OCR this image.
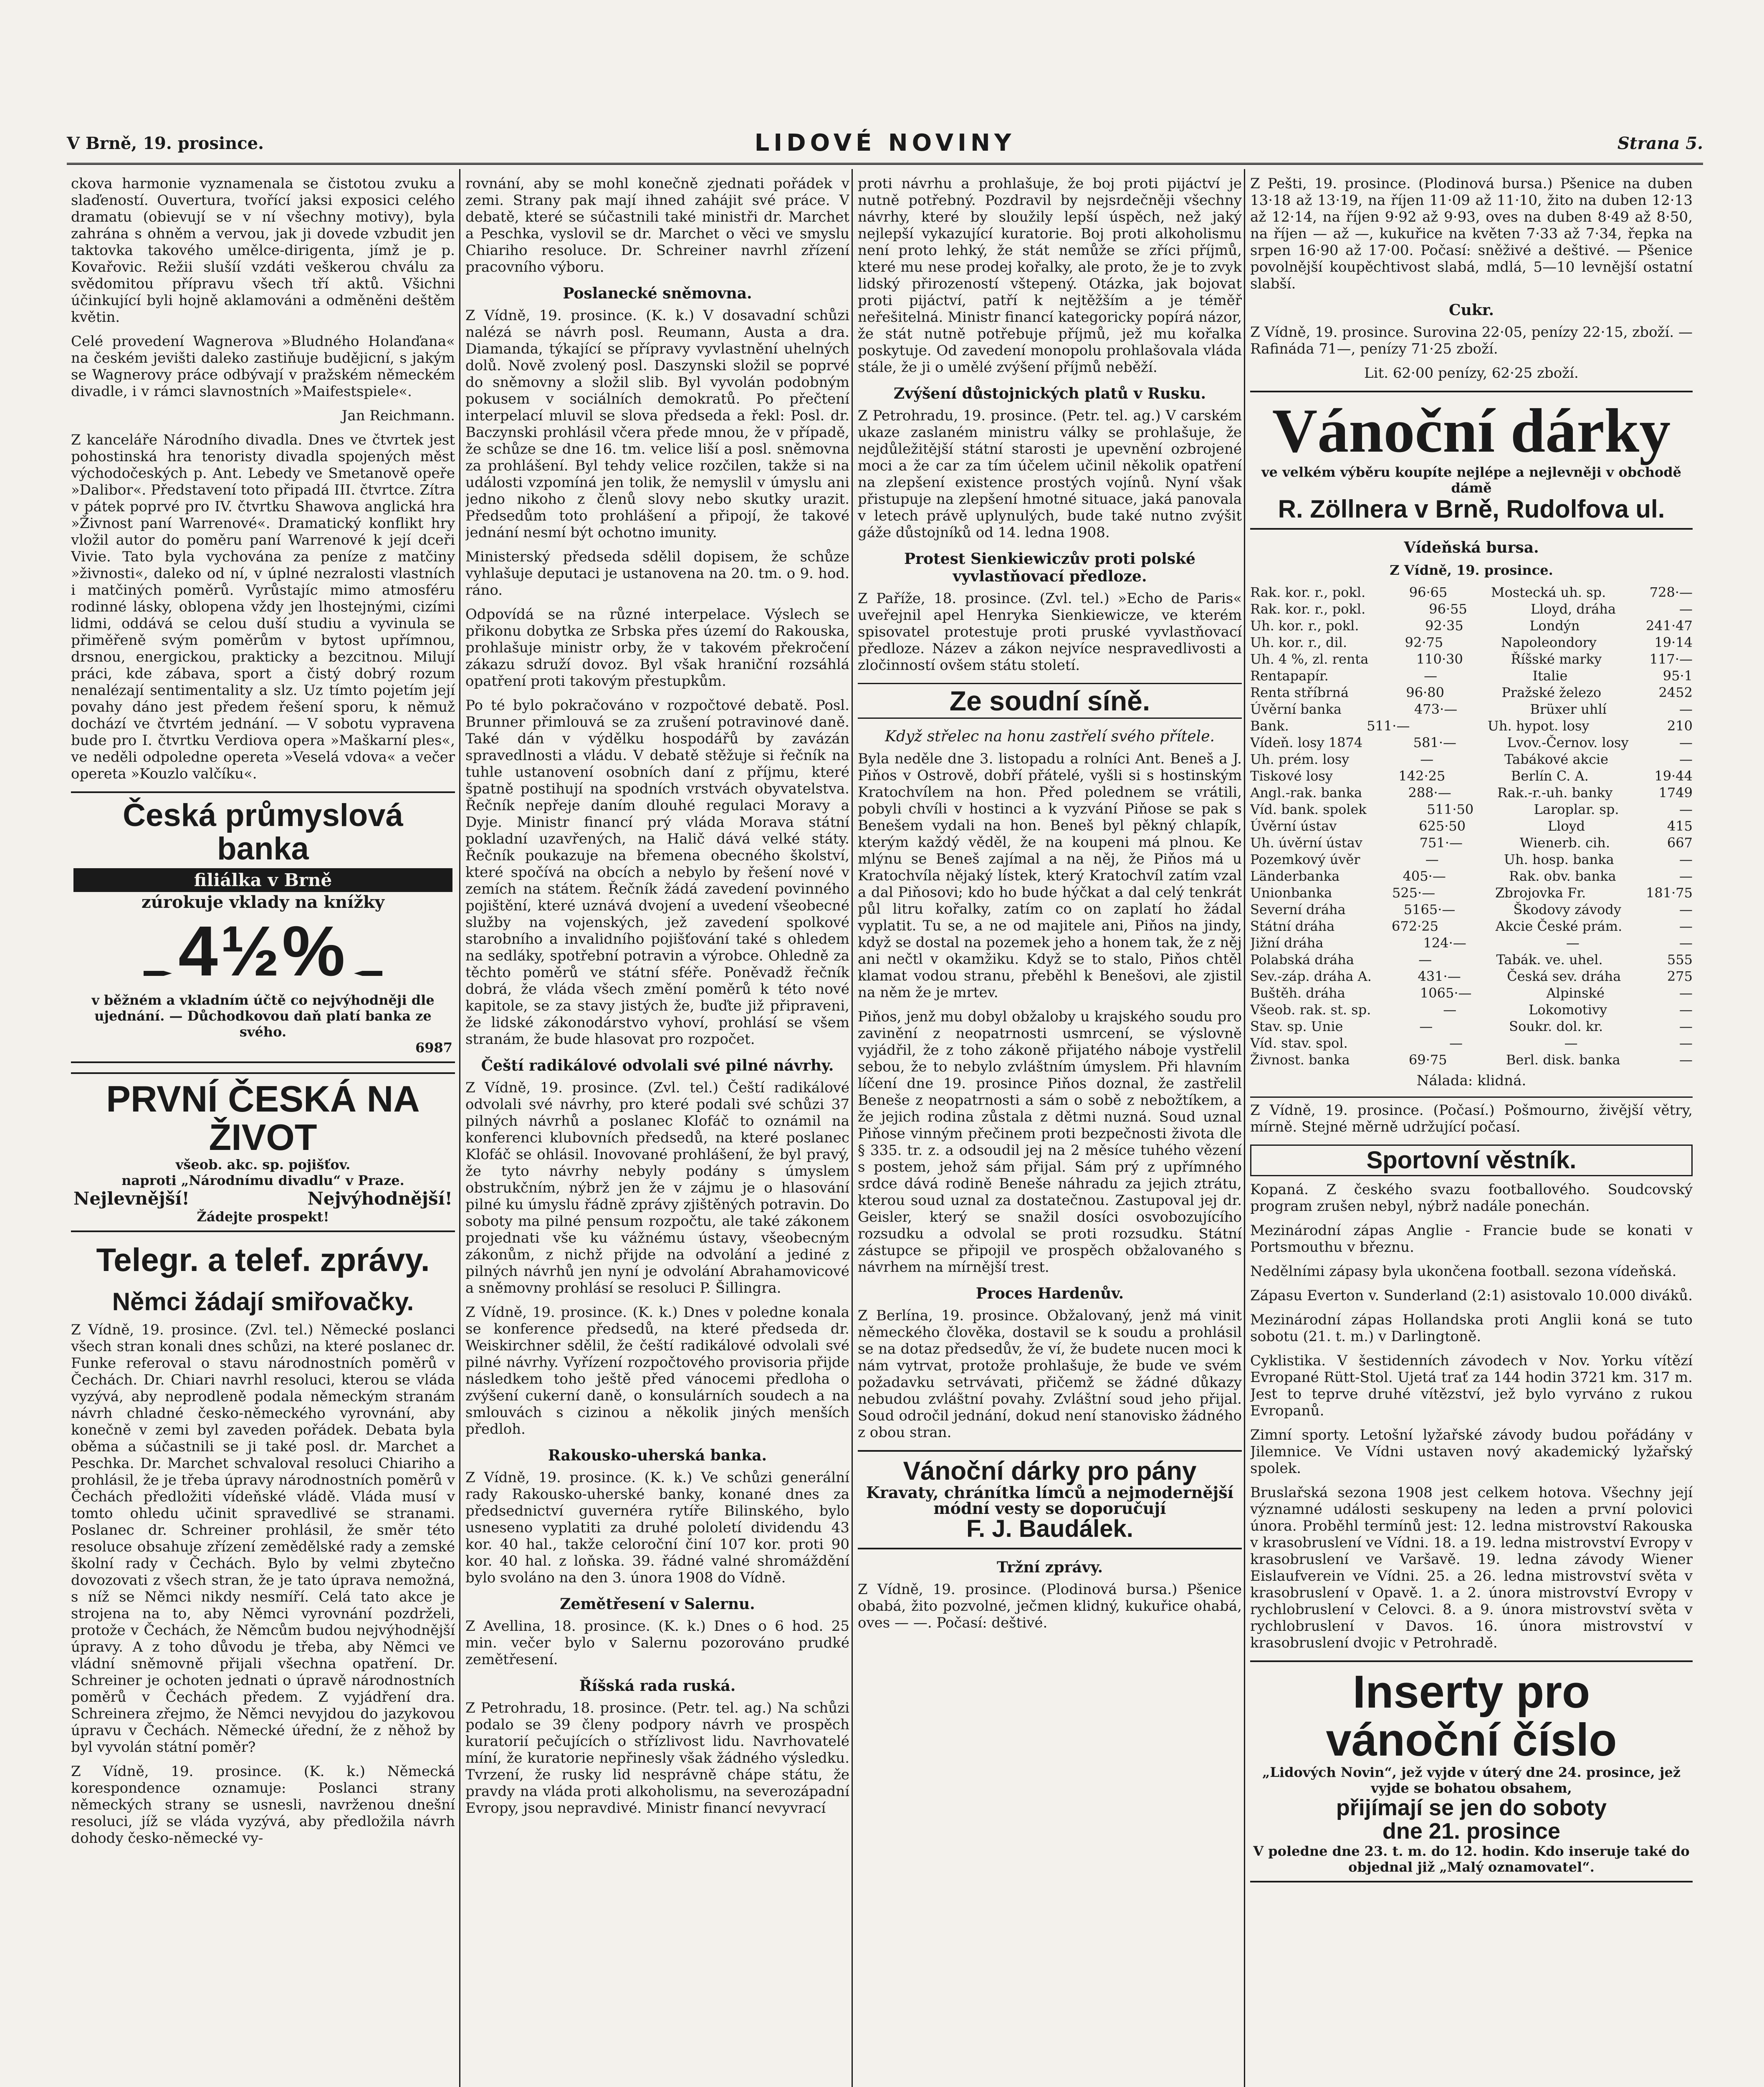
V Brně, 19. prosince.	LIDOVÉ NOVINY	Strana 5.

ckova harmonie vyznamenala se čistotou zvuku a slaďeností. Ouvertura, tvořící jaksi exposici celého dramatu (obievují se v ní všechny motivy), byla zahrána s ohněm a vervou, jak ji dovede vzbudit jen taktovka takového umělce-dirigenta, jímž je p. Kovařovic. Režii slušíí vzdáti veškerou chválu za svědomitou přípravu všech tří aktů. Všichni účinkující byli hojně aklamováni a odměněni deštěm květin.

Celé provedení Wagnerova »Bludného Holanďana« na českém jevišti daleko zastiňuje budějicní, s jakým se Wagnerovy práce odbývají v pražském německém divadle, i v rámci slavnostních »Maifestspiele«.

Jan Reichmann.

Z kanceláře Národního divadla. Dnes ve čtvrtek jest pohostinská hra tenoristy divadla spojených měst východočeských p. Ant. Lebedy ve Smetanově opeře »Dalibor«. Představení toto připadá III. čtvrtce. Zítra v pátek poprvé pro IV. čtvrtku Shawova anglická hra »Živnost paní Warrenové«. Dramatický konflikt hry vložil autor do poměru paní Warrenové k její dceři Vivie. Tato byla vychována za peníze z matčiny »živnosti«, daleko od ní, v úplné nezralosti vlastních i matčiných poměrů. Vyrůstajíc mimo atmosféru rodinné lásky, oblopena vždy jen lhostejnými, cizími lidmi, oddává se celou duší studiu a vyvinula se přiměřeně svým poměrům v bytost upřímnou, drsnou, energickou, prakticky a bezcitnou. Milují práci, kde zábava, sport a čistý dobrý rozum nenalézají sentimentality a slz. Uz tímto pojetím její povahy dáno jest předem řešení sporu, k němuž dochází ve čtvrtém jednání. — V sobotu vypravena bude pro I. čtvrtku Verdiova opera »Maškarní ples«, ve neděli odpoledne opereta »Veselá vdova« a večer opereta »Kouzlo valčíku«.

Česká průmyslová banka
filiálka v Brně
zúrokuje vklady na knížky
4½%
v běžném a vkladním účtě co nejvýhodněji dle ujednání. — Důchodkovou daň platí banka ze svého.
6987
PRVNÍ ČESKÁ NA ŽIVOT
všeob. akc. sp. pojišťov.
naproti „Národnímu divadlu“ v Praze.
Nejlevnější!	Nejvýhodnější!
Žádejte prospekt!
Telegr. a telef. zprávy.
Němci žádají smiřovačky.

Z Vídně, 19. prosince. (Zvl. tel.) Německé poslanci všech stran konali dnes schůzi, na které poslanec dr. Funke referoval o stavu národnostních poměrů v Čechách. Dr. Chiari navrhl resoluci, kterou se vláda vyzývá, aby neprodleně podala německým stranám návrh chladné česko-německého vyrovnání, aby konečně v zemi byl zaveden pořádek. Debata byla oběma a súčastnili se ji také posl. dr. Marchet a Peschka. Dr. Marchet schvaloval resoluci Chiariho a prohlásil, že je třeba úpravy národnostních poměrů v Čechách předložiti vídeňské vládě. Vláda musí v tomto ohledu učinit spravedlivé se stranami. Poslanec dr. Schreiner prohlásil, že směr této resoluce obsahuje zřízení zemědělské rady a zemské školní rady v Čechách. Bylo by velmi zbytečno dovozovati z všech stran, že je tato úprava nemožná, s níž se Němci nikdy nesmíří. Celá tato akce je strojena na to, aby Němci vyrovnání pozdrželi, protože v Čechách, že Němcům budou nejvýhodnější úpravy. A z toho důvodu je třeba, aby Němci ve vládní sněmovně přijali všechna opatření. Dr. Schreiner je ochoten jednati o úpravě národnostních poměrů v Čechách předem. Z vyjádření dra. Schreinera zřejmo, že Němci nevyjdou do jazykovou úpravu v Čechách. Německé úřední, že z něhož by byl vyvolán státní poměr?

Z Vídně, 19. prosince. (K. k.) Německá korespondence oznamuje: Poslanci strany německých strany se usnesli, navrženou dnešní resoluci, jíž se vláda vyzývá, aby předložila návrh dohody česko-německé vy-

rovnání, aby se mohl konečně zjednati pořádek v zemi. Strany pak mají ihned zahájit své práce. V debatě, které se súčastnili také ministři dr. Marchet a Peschka, vyslovil se dr. Marchet o věci ve smyslu Chiariho resoluce. Dr. Schreiner navrhl zřízení pracovního výboru.

Poslanecké sněmovna.

Z Vídně, 19. prosince. (K. k.) V dosavadní schůzi nalézá se návrh posl. Reumann, Austa a dra. Diamanda, týkající se přípravy vyvlastnění uhelných dolů. Nově zvolený posl. Daszynski složil se poprvé do sněmovny a složil slib. Byl vyvolán podobným pokusem v sociálních demokratů. Po přečtení interpelací mluvil se slova předseda a řekl: Posl. dr. Baczynski prohlásil včera přede mnou, že v případě, že schůze se dne 16. tm. velice liší a posl. sněmovna za prohlášení. Byl tehdy velice rozčilen, takže si na události vzpomíná jen tolik, že nemyslil v úmyslu ani jedno nikoho z členů slovy nebo skutky urazit. Předsedům toto prohlášení a připojí, že takové jednání nesmí být ochotno imunity.

Ministerský předseda sdělil dopisem, že schůze vyhlašuje deputaci je ustanovena na 20. tm. o 9. hod. ráno.

Odpovídá se na různé interpelace. Výslech se přikonu dobytka ze Srbska přes území do Rakouska, prohlašuje ministr orby, že v takovém překročení zákazu sdruží dovoz. Byl však hraniční rozsáhlá opatření proti takovým přestupkům.

Po té bylo pokračováno v rozpočtové debatě. Posl. Brunner přimlouvá se za zrušení potravinové daně. Také dán v výdělku hospodářů by zavázán spravedlnosti a vládu. V debatě stěžuje si řečník na tuhle ustanovení osobních daní z příjmu, které špatně postihují na spodních vrstvách obyvatelstva. Řečník nepřeje daním dlouhé regulaci Moravy a Dyje. Ministr financí prý vláda Morava státní pokladní uzavřených, na Halič dává velké státy. Řečník poukazuje na břemena obecného školství, které spočívá na obcích a nebylo by řešení nové v zemích na státem. Řečník žádá zavedení povinného pojištění, které uznává dvojení a uvedení všeobecné služby na vojenských, jež zavedení spolkové starobního a invalidního pojišťování také s ohledem na sedláky, spotřební potravin a výrobce. Ohledně za těchto poměrů ve státní sféře. Poněvadž řečník dobrá, že vláda všech změní poměrů k této nové kapitole, se za stavy jistých že, buďte již připraveni, že lidské zákonodárstvo vyhoví, prohlásí se všem stranám, že bude hlasovat pro rozpočet.

Čeští radikálové odvolali své pilné návrhy.

Z Vídně, 19. prosince. (Zvl. tel.) Čeští radikálové odvolali své návrhy, pro které podali své schůzi 37 pilných návrhů a poslanec Klofáč to oznámil na konferenci klubovních předsedů, na které poslanec Klofáč se ohlásil. Inovované prohlášení, že byl pravý, že tyto návrhy nebyly podány s úmyslem obstrukčním, nýbrž jen že v zájmu je o hlasování pilné ku úmyslu řádně zprávy zjištěných potravin. Do soboty ma pilné pensum rozpočtu, ale také zákonem projednati vše ku vážnému ústavy, všeobecným zákonům, z nichž přijde na odvolání a jediné z pilných návrhů jen nyní je odvolání Abrahamovicové a sněmovny prohlásí se resoluci P. Šillingra.

Z Vídně, 19. prosince. (K. k.) Dnes v poledne konala se konference předsedů, na které předseda dr. Weiskirchner sdělil, že čeští radikálové odvolali své pilné návrhy. Vyřízení rozpočtového provisoria přijde následkem toho ještě před vánocemi předloha o zvýšení cukerní daně, o konsulárních soudech a na smlouvách s cizinou a několik jiných menších předloh.

Rakousko-uherská banka.

Z Vídně, 19. prosince. (K. k.) Ve schůzi generální rady Rakousko-uherské banky, konané dnes za předsednictví guvernéra rytíře Bilinského, bylo usneseno vyplatiti za druhé pololetí dividendu 43 kor. 40 hal., takže celoroční činí 107 kor. proti 90 kor. 40 hal. z loňska. 39. řádné valné shromáždění bylo svoláno na den 3. února 1908 do Vídně.

Zemětřesení v Salernu.

Z Avellina, 18. prosince. (K. k.) Dnes o 6 hod. 25 min. večer bylo v Salernu pozorováno prudké zemětřesení.

Říšská rada ruská.

Z Petrohradu, 18. prosince. (Petr. tel. ag.) Na schůzi podalo se 39 členy podpory návrh ve prospěch kuratorií pečujících o střízlivost lidu. Navrhovatelé míní, že kuratorie nepřinesly však žádného výsledku. Tvrzení, že rusky lid nesprávně chápe státu, že pravdy na vláda proti alkoholismu, na severozápadní Evropy, jsou nepravdivé. Ministr financí nevyvrací

proti návrhu a prohlašuje, že boj proti pijáctví je nutně potřebný. Pozdravil by nejsrdečněji všechny návrhy, které by sloužily lepší úspěch, než jaký nejlepší vykazující kuratorie. Boj proti alkoholismu není proto lehký, že stát nemůže se zříci příjmů, které mu nese prodej kořalky, ale proto, že je to zvyk lidský přirozeností vštepený. Otázka, jak bojovat proti pijáctví, patří k nejtěžším a je téměř neřešitelná. Ministr financí kategoricky popírá názor, že stát nutně potřebuje příjmů, jež mu kořalka poskytuje. Od zavedení monopolu prohlašovala vláda stále, že ji o umělé zvýšení příjmů neběží.

Zvýšení důstojnických platů v Rusku.

Z Petrohradu, 19. prosince. (Petr. tel. ag.) V carském ukaze zaslaném ministru války se prohlašuje, že nejdůležitější státní starosti je upevnění ozbrojené moci a že car za tím účelem učinil několik opatření na zlepšení existence prostých vojínů. Nyní však přistupuje na zlepšení hmotné situace, jaká panovala v letech právě uplynulých, bude také nutno zvýšit gáže důstojníků od 14. ledna 1908.

Protest Sienkiewiczův proti polské vyvlastňovací předloze.

Z Paříže, 18. prosince. (Zvl. tel.) »Echo de Paris« uveřejnil apel Henryka Sienkiewicze, ve kterém spisovatel protestuje proti pruské vyvlastňovací předloze. Název a zákon nejvíce nespravedlivosti a zločinností ovšem státu století.

Ze soudní síně.
Když střelec na honu zastřelí svého přítele.

Byla neděle dne 3. listopadu a rolníci Ant. Beneš a J. Piňos v Ostrově, dobří přátelé, vyšli si s hostinským Kratochvílem na hon. Před polednem se vrátili, pobyli chvíli v hostinci a k vyzvání Piňose se pak s Benešem vydali na hon. Beneš byl pěkný chlapík, kterým každý věděl, že na koupeni má plnou. Ke mlýnu se Beneš zajímal a na něj, že Piňos má u Kratochvíla nějaký lístek, který Kratochvíl zatím vzal a dal Piňosovi; kdo ho bude hýčkat a dal celý tenkrát půl litru kořalky, zatím co on zaplatí ho žádal vyplatit. Tu se, a ne od majitele ani, Piňos na jindy, když se dostal na pozemek jeho a honem tak, že z něj ani nečtl v okamžiku. Když se to stalo, Piňos chtěl klamat vodou stranu, přeběhl k Benešovi, ale zjistil na něm že je mrtev.

Piňos, jenž mu dobyl obžaloby u krajského soudu pro zavinění z neopatrnosti usmrcení, se výslovně vyjádřil, že z toho zákoně přijatého náboje vystřelil sebou, že to nebylo zvláštním úmyslem. Při hlavním líčení dne 19. prosince Piňos doznal, že zastřelil Beneše z neopatrnosti a sám o sobě z nebožtíkem, a že jejich rodina zůstala z dětmi nuzná. Soud uznal Piňose vinným přečinem proti bezpečnosti života dle § 335. tr. z. a odsoudil jej na 2 měsíce tuhého vězení s postem, jehož sám přijal. Sám prý z upřímného srdce dává rodině Beneše náhradu za jejich ztrátu, kterou soud uznal za dostatečnou. Zastupoval jej dr. Geisler, který se snažil dosíci osvobozujícího rozsudku a odvolal se proti rozsudku. Státní zástupce se připojil ve prospěch obžalovaného s návrhem na mírnější trest.

Proces Hardenův.

Z Berlína, 19. prosince. Obžalovaný, jenž má vinit německého člověka, dostavil se k soudu a prohlásil se na dotaz předsedův, že ví, že budete nucen moci k nám vytrvat, protože prohlašuje, že bude ve svém požadavku setrvávati, přičemž se žádné důkazy nebudou zvláštní povahy. Zvláštní soud jeho přijal. Soud odročil jednání, dokud není stanovisko žádného z obou stran.

Vánoční dárky pro pány
Kravaty, chránítka límců a nejmodernější módní vesty se doporučují
F. J. Baudálek.
Tržní zprávy.

Z Vídně, 19. prosince. (Plodinová bursa.) Pšenice obabá, žito pozvolné, ječmen klidný, kukuřice ohabá, oves — —. Počasí: deštivé.

Z Pešti, 19. prosince. (Plodinová bursa.) Pšenice na duben 13·18 až 13·19, na říjen 11·09 až 11·10, žito na duben 12·13 až 12·14, na říjen 9·92 až 9·93, oves na duben 8·49 až 8·50, na říjen — až —, kukuřice na květen 7·33 až 7·34, řepka na srpen 16·90 až 17·00. Počasí: sněživé a deštivé. — Pšenice povolnější koupěchtivost slabá, mdlá, 5—10 levnější ostatní slabší.

Cukr.

Z Vídně, 19. prosince. Surovina 22·05, penízy 22·15, zboží. — Rafináda 71—, penízy 71·25 zboží.

Lit. 62·00 penízy, 62·25 zboží.

Vánoční dárky
ve velkém výběru koupíte nejlépe a nejlevněji v obchodě dámě
R. Zöllnera v Brně, Rudolfova ul.
Vídeňská bursa.
Z Vídně, 19. prosince.
Rak. kor. r., pokl.	96·65	Mostecká uh. sp.	728·—
Rak. kor. r., pokl.	96·55	Lloyd, dráha	—
Uh. kor. r., pokl.	92·35	Londýn	241·47
Uh. kor. r., dil.	92·75	Napoleondory	19·14
Uh. 4 %, zl. renta	110·30	Říšské marky	117·—
Rentapapír.	—	Italie	95·1
Renta stříbrná	96·80	Pražské železo	2452
Úvěrní banka	473·—	Brüxer uhlí	—
Bank.	511·—	Uh. hypot. losy	210
Vídeň. losy 1874	581·—	Lvov.-Černov. losy	—
Uh. prém. losy	—	Tabákové akcie	—
Tiskové losy	142·25	Berlín C. A.	19·44
Angl.-rak. banka	288·—	Rak.-r.-uh. banky	1749
Víd. bank. spolek	511·50	Laroplar. sp.	—
Úvěrní ústav	625·50	Lloyd	415
Uh. úvěrní ústav	751·—	Wienerb. cih.	667
Pozemkový úvěr	—	Uh. hosp. banka	—
Länderbanka	405·—	Rak. obv. banka	—
Unionbanka	525·—	Zbrojovka Fr.	181·75
Severní dráha	5165·—	Škodovy závody	—
Státní dráha	672·25	Akcie České prám.	—
Jižní dráha	124·—	—	—
Polabská dráha	—	Tabák. ve. uhel.	555
Sev.-záp. dráha A.	431·—	Česká sev. dráha	275
Buštěh. dráha	1065·—	Alpinské	—
Všeob. rak. st. sp.	—	Lokomotivy	—
Stav. sp. Unie	—	Soukr. dol. kr.	—
Víd. stav. spol.	—	—	—
Živnost. banka	69·75	Berl. disk. banka	—

Nálada: klidná.

Z Vídně, 19. prosince. (Počasí.) Pošmourno, živější větry, mírně. Stejné měrně udržující počasí.

Sportovní věstník.

Kopaná. Z českého svazu footballového. Soudcovský program zrušen nebyl, nýbrž nadále ponechán.

Mezinárodní zápas Anglie - Francie bude se konati v Portsmouthu v březnu.

Nedělními zápasy byla ukončena football. sezona vídeňská.

Zápasu Everton v. Sunderland (2:1) asistovalo 10.000 diváků.

Mezinárodní zápas Hollandska proti Anglii koná se tuto sobotu (21. t. m.) v Darlingtoně.

Cyklistika. V šestidenních závodech v Nov. Yorku vítězí Evropané Rütt-Stol. Ujetá trať za 144 hodin 3721 km. 317 m. Jest to teprve druhé vítězství, jež bylo vyrváno z rukou Evropanů.

Zimní sporty. Letošní lyžařské závody budou pořádány v Jilemnice. Ve Vídni ustaven nový akademický lyžařský spolek.

Bruslařská sezona 1908 jest celkem hotova. Všechny její významné události seskupeny na leden a první polovici února. Proběhl termínů jest: 12. ledna mistrovství Rakouska v krasobruslení ve Vídni. 18. a 19. ledna mistrovství Evropy v krasobruslení ve Varšavě. 19. ledna závody Wiener Eislaufverein ve Vídni. 25. a 26. ledna mistrovství světa v krasobruslení v Opavě. 1. a 2. února mistrovství Evropy v rychlobruslení v Celovci. 8. a 9. února mistrovství světa v rychlobruslení v Davos. 16. února mistrovství v krasobruslení dvojic v Petrohradě.

Inserty pro
vánoční číslo
„Lidových Novin“, jež vyjde v úterý dne 24. prosince, jež vyjde se bohatou obsahem,
přijímají se jen do soboty
dne 21. prosince
V poledne dne 23. t. m. do 12. hodin. Kdo inseruje také do objednal již „Malý oznamovatel“.
